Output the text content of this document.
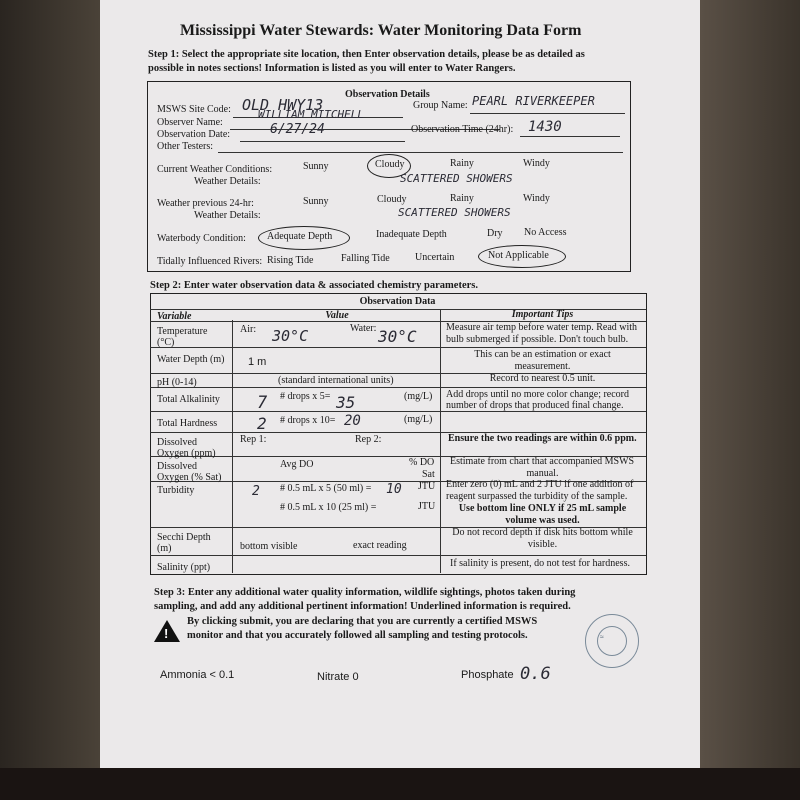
Mississippi Water Stewards: Water Monitoring Data Form
Step 1: Select the appropriate site location, then Enter observation details, please be as detailed as
possible in notes sections! Information is listed as you will enter to Water Rangers.
Observation Details
MSWS Site Code: OLD HWY13	Group Name: PEARL RIVERKEEPER
Observer Name:
WILLIAM MITCHELL
Observation Date:	6/27/24	Observation Time (24hr): 1430
Other Testers:
Current Weather Conditions:
Weather Details:
Sunny	Cloudy	Rainy	Windy
SCATTERED SHOWERS
Weather previous 24-hr:
Weather Details:
Sunny	Cloudy	Rainy	Windy
SCATTERED SHOWERS
Waterbody Condition: Adequate Depth	Inadequate Depth	Dry No Access
Tidally Influenced Rivers: Rising Tide	Falling Tide	Uncertain	Not Applicable
Step 2: Enter water observation data & associated chemistry parameters.
Observation Data
Variable	Value	Important Tips
Temperature
(°C)
Air: 30°C	Water: 30°C	Measure air temp before water temp. Read with
bulb submerged if possible. Don't touch bulb.
Water Depth (m) 1 m
This can be an estimation or exact
measurement.
pH (0-14)	(standard international units)	Record to nearest 0.5 unit.
Total Alkalinity 7 # drops x 5= 35	(mg/L) Add drops until no more color change; record
number of drops that produced final change.
Total Hardness 2 # drops x 10= 20	(mg/L)
Dissolved
Oxygen (ppm)
Rep 1:	Rep 2:	Ensure the two readings are within 0.6 ppm.
Dissolved
Oxygen (% Sat)
Avg DO	% DO
Sat
Estimate from chart that accompanied MSWS
manual.
Turbidity	2 # 0.5 mL x 5 (50 ml) = 10 JTU
# 0.5 mL x 10 (25 ml) =	JTU
Enter zero (0) mL and 2 JTU if one addition of
reagent surpassed the turbidity of the sample.
Use bottom line ONLY if 25 mL sample
volume was used.
Secchi Depth
(m)	bottom visible	exact reading
Do not record depth if disk hits bottom while
visible.
Salinity (ppt)	If salinity is present, do not test for hardness.
Step 3: Enter any additional water quality information, wildlife sightings, photos taken during
sampling, and add any additional pertinent information! Underlined information is required.
!
By clicking submit, you are declaring that you are currently a certified MSWS
monitor and that you accurately followed all sampling and testing protocols.	≈
Ammonia < 0.1	Nitrate 0	Phosphate 0.6
